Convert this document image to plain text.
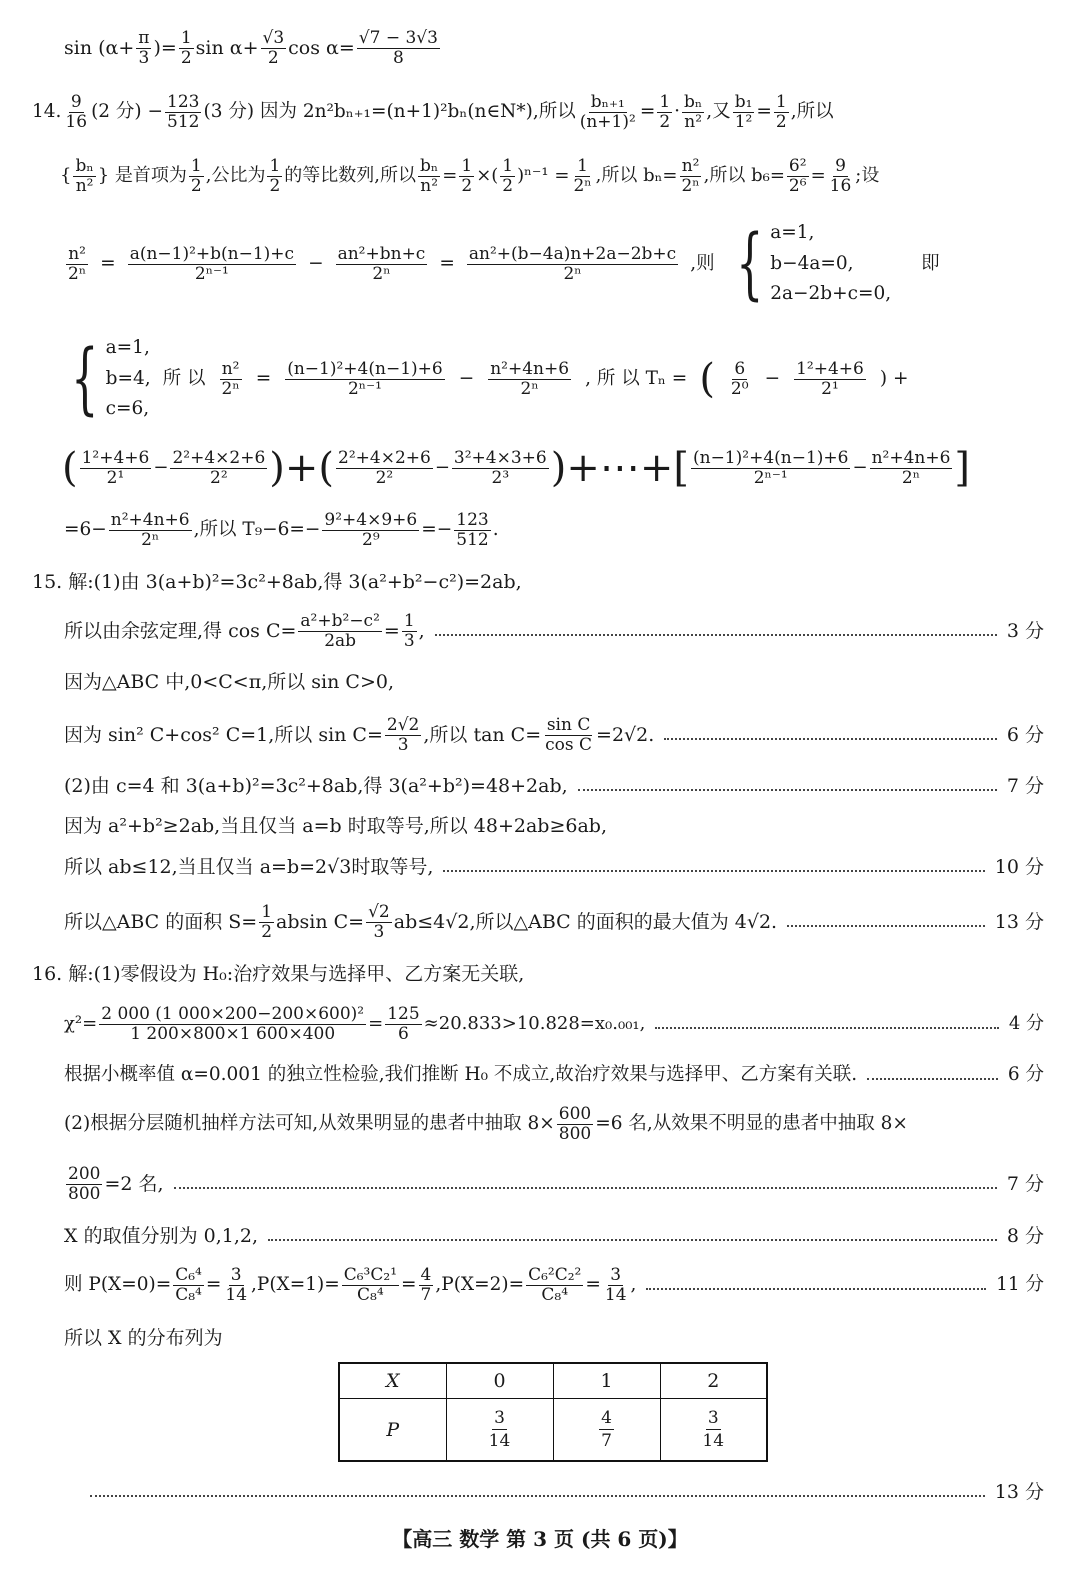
$\sin (\alpha+ \frac{\pi}{3}$ )= $\frac{1}{2}$ $\sin \alpha+ \frac{√3}{2}$ $\cos \alpha= \frac{√7 - 3√3}{8}$
14. $\frac{9}{16} (2$ 分) − $\frac{123}{512} (3$ 分) 因为 2n²bₙ₊₁=(n+1)²bₙ(n∈N*),所以 $\frac{\text{bₙ₊₁}}{\text{(n+1)²}} = \frac{1}{2} \cdot \frac{\text{bₙ}}{\text{n²}}$ ,又 $\frac{\text{b₁}}{\text{1²}} = \frac{1}{2}$ ,所以
{ $\frac{\text{bₙ}}{\text{n²}}$ } 是首项为 $\frac{1}{2}$ ,公比为 $\frac{1}{2}$ 的等比数列,所以 $\frac{\text{bₙ}}{\text{n²}} = \frac{1}{2}$ ×( $\frac{1}{2} )^{n-1} = \frac{1}{\text{2ⁿ}}$ ,所以 $b_n= \frac{\text{n²}}{\text{2ⁿ}}$ ,所以 $b_6= \frac{\text{6²}}{\text{2⁶}} = \frac{9}{16}$ ;设
$\frac{\text{n²}}{\text{2ⁿ}} = \frac{\text{a(n−1)²+b(n−1)+c}}{\text{2ⁿ⁻¹}} - \frac{\text{an²+bn+c}}{\text{2ⁿ}} = \frac{\text{an²+(b−4a)n+2a−2b+c}}{\text{2ⁿ}}$ ,则 { a=1,
b−4a=0,
2a−2b+c=0,
即
{ a=1,
b=4,
c=6,
所 以 $\frac{\text{n²}}{\text{2ⁿ}} = \frac{\text{(n−1)²+4(n−1)+6}}{\text{2ⁿ⁻¹}} - \frac{\text{n²+4n+6}}{\text{2ⁿ}}$ , 所 以 Tₙ = ( $\frac{6}{\text{2⁰}} - \frac{\text{1²+4+6}}{\text{2¹}}$ ) +
( $\frac{\text{1²+4+6}}{\text{2¹}} - \frac{\text{2²+4×2+6}}{\text{2²}}$ )+( $\frac{\text{2²+4×2+6}}{\text{2²}} - \frac{\text{3²+4×3+6}}{\text{2³}}$ )+⋯+[ $\frac{\text{(n−1)²+4(n−1)+6}}{\text{2ⁿ⁻¹}} - \frac{\text{n²+4n+6}}{\text{2ⁿ}}$ ]
$=6- \frac{\text{n²+4n+6}}{\text{2ⁿ}}$ ,所以 $T_9-6=- \frac{\text{9²+4×9+6}}{\text{2⁹}} =- \frac{123}{512}$ .
15. 解:(1)由 3(a+b)²=3c²+8ab,得 3(a²+b²−c²)=2ab,
所以由余弦定理,得 $\cos C= \frac{\text{a²+b²−c²}}{2ab} = \frac{1}{3}$ ,	3 分
因为△ABC 中,0<C<π,所以 sin C>0,
因为 sin² C+cos² C=1,所以 $\sin C= \frac{2√2}{3}$ ,所以 $\tan C= \frac{\text{sin C}}{\text{cos C}} =2√2$.	6 分
(2)由 c=4 和 3(a+b)²=3c²+8ab,得 3(a²+b²)=48+2ab,	7 分
因为 a²+b²≥2ab,当且仅当 a=b 时取等号,所以 48+2ab≥6ab,
所以 ab≤12,当且仅当 a=b=2√3时取等号,	10 分
所以△ABC 的面积 $S= \frac{1}{2}$ absin $C= \frac{√2}{3} ab\le 4√2$,所以△ABC 的面积的最大值为 4√2.	13 分
16. 解:(1)零假设为 H₀:治疗效果与选择甲、乙方案无关联,
$\chi^2= \frac{\text{2 000 (1 000×200−200×600)²}}{1 200\times 800\times 1 600\times 400} = \frac{125}{6} \approx 20.833>10.828=x_0._{001}$,	4 分
根据小概率值 α=0.001 的独立性检验,我们推断 H₀ 不成立,故治疗效果与选择甲、乙方案有关联.	6 分
(2)根据分层随机抽样方法可知,从效果明显的患者中抽取 $8\times \frac{600}{800} =6$ 名,从效果不明显的患者中抽取 8×
$\frac{200}{800} =2$ 名,	7 分
X 的取值分别为 0,1,2,	8 分
则 $P(X=0)= \frac{\text{C₆⁴}}{\text{C₈⁴}} = \frac{3}{14} ,P(X=1)= \frac{\text{C₆³C₂¹}}{\text{C₈⁴}} = \frac{4}{7} ,P(X=2)= \frac{\text{C₆²C₂²}}{\text{C₈⁴}} = \frac{3}{14}$ ,	11 分
所以 X 的分布列为
X	0	1	2
P	$\frac{3}{14}$	$\frac{4}{7}$	$\frac{3}{14}$
13 分
【高三 数学 第 3 页 (共 6 页)】
